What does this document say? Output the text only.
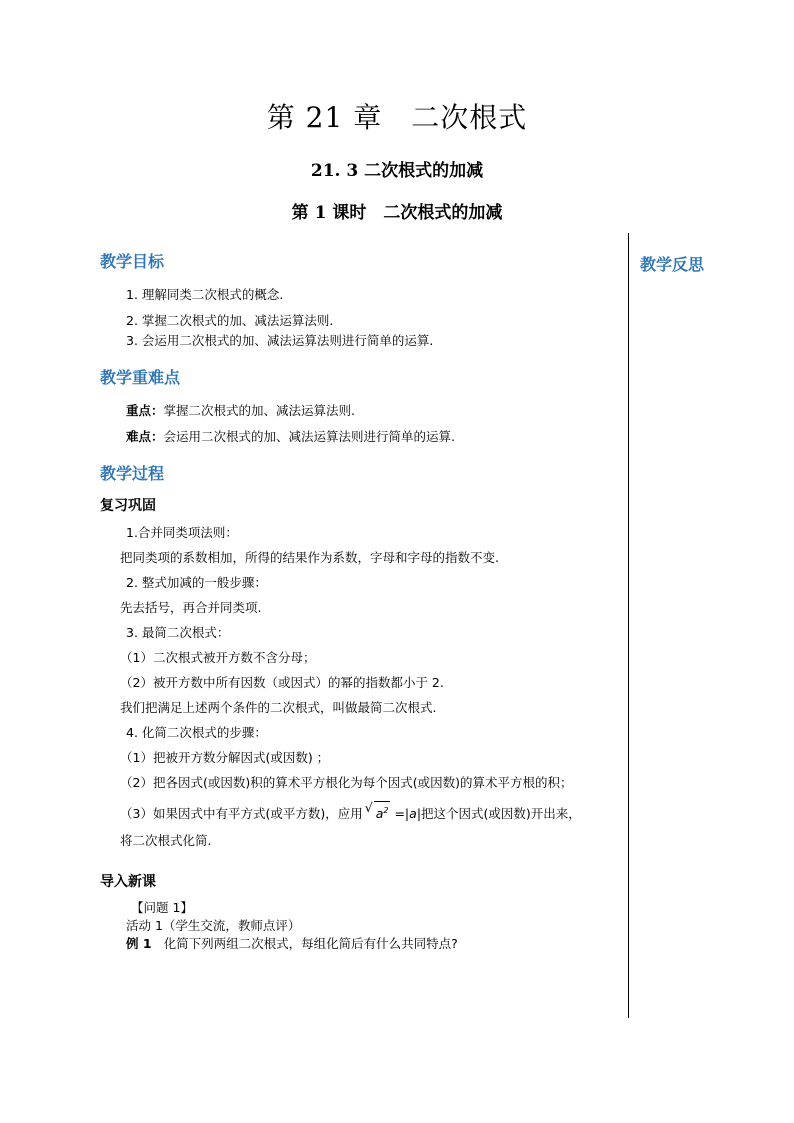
第 21 章　二次根式
21. 3 二次根式的加减
第 1 课时　二次根式的加减
教学反思
教学目标
1. 理解同类二次根式的概念.
2. 掌握二次根式的加、减法运算法则.
3. 会运用二次根式的加、减法运算法则进行简单的运算.
教学重难点
重点：掌握二次根式的加、减法运算法则.
难点：会运用二次根式的加、减法运算法则进行简单的运算.
教学过程
复习巩固
1.合并同类项法则：
把同类项的系数相加，所得的结果作为系数，字母和字母的指数不变.
2. 整式加减的一般步骤：
先去括号，再合并同类项.
3. 最简二次根式：
（1）二次根式被开方数不含分母；
（2）被开方数中所有因数（或因式）的幂的指数都小于 2.
我们把满足上述两个条件的二次根式，叫做最简二次根式.
4. 化简二次根式的步骤：
（1）把被开方数分解因式(或因数) ；
（2）把各因式(或因数)积的算术平方根化为每个因式(或因数)的算术平方根的积；
（3）如果因式中有平方式(或平方数)，应用√ $a^2 =|a|$把这个因式(或因数)开出来，
将二次根式化简.
导入新课
【问题 1】
活动 1（学生交流，教师点评）
例 1 化简下列两组二次根式，每组化简后有什么共同特点?
